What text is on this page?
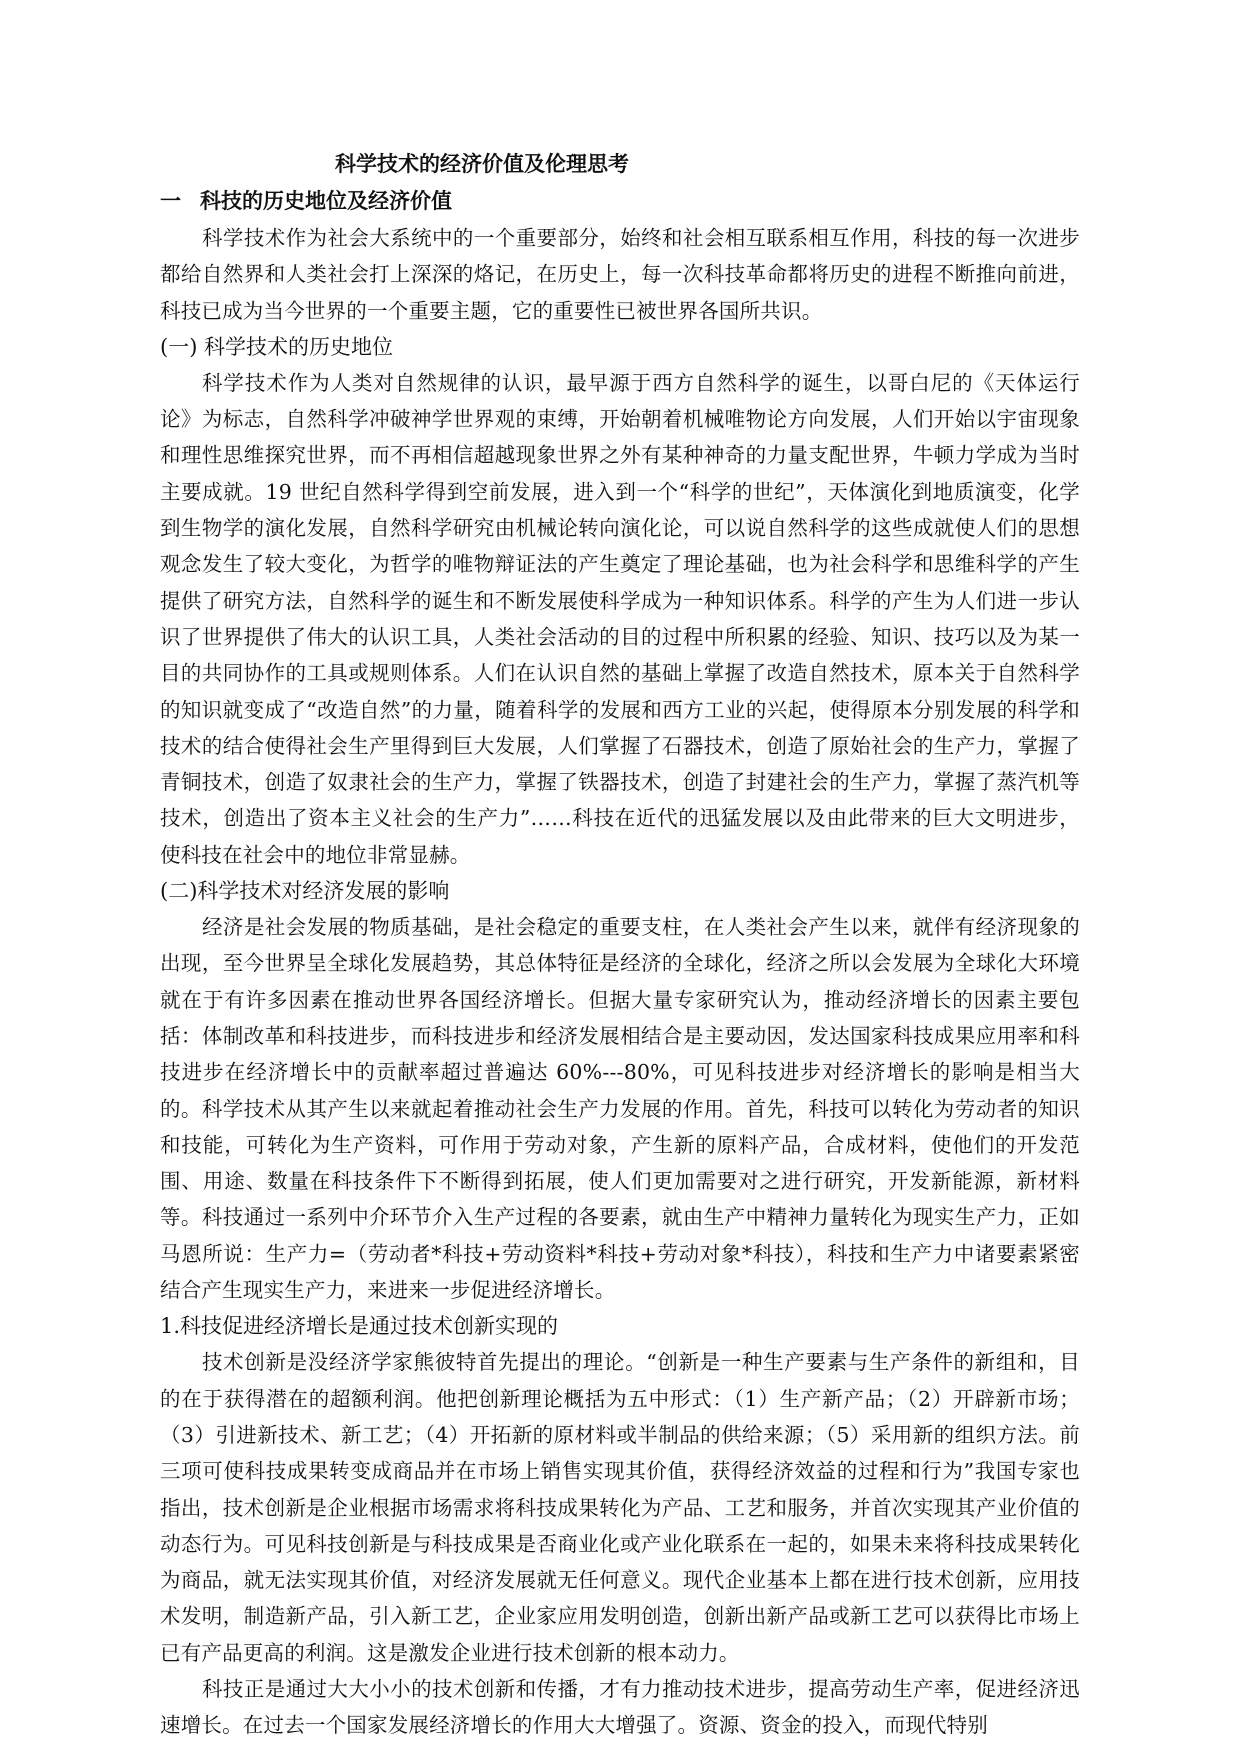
科学技术的经济价值及伦理思考

一 科技的历史地位及经济价值

科学技术作为社会大系统中的一个重要部分，始终和社会相互联系相互作用，科技的每一次进步都给自然界和人类社会打上深深的烙记，在历史上，每一次科技革命都将历史的进程不断推向前进，科技已成为当今世界的一个重要主题，它的重要性已被世界各国所共识。

(一) 科学技术的历史地位

科学技术作为人类对自然规律的认识，最早源于西方自然科学的诞生，以哥白尼的《天体运行论》为标志，自然科学冲破神学世界观的束缚，开始朝着机械唯物论方向发展，人们开始以宇宙现象和理性思维探究世界，而不再相信超越现象世界之外有某种神奇的力量支配世界，牛顿力学成为当时主要成就。19 世纪自然科学得到空前发展，进入到一个“科学的世纪”，天体演化到地质演变，化学到生物学的演化发展，自然科学研究由机械论转向演化论，可以说自然科学的这些成就使人们的思想观念发生了较大变化，为哲学的唯物辩证法的产生奠定了理论基础，也为社会科学和思维科学的产生提供了研究方法，自然科学的诞生和不断发展使科学成为一种知识体系。科学的产生为人们进一步认识了世界提供了伟大的认识工具，人类社会活动的目的过程中所积累的经验、知识、技巧以及为某一目的共同协作的工具或规则体系。人们在认识自然的基础上掌握了改造自然技术，原本关于自然科学的知识就变成了“改造自然”的力量，随着科学的发展和西方工业的兴起，使得原本分别发展的科学和技术的结合使得社会生产里得到巨大发展，人们掌握了石器技术，创造了原始社会的生产力，掌握了青铜技术，创造了奴隶社会的生产力，掌握了铁器技术，创造了封建社会的生产力，掌握了蒸汽机等技术，创造出了资本主义社会的生产力”……科技在近代的迅猛发展以及由此带来的巨大文明进步，使科技在社会中的地位非常显赫。

(二)科学技术对经济发展的影响

经济是社会发展的物质基础，是社会稳定的重要支柱，在人类社会产生以来，就伴有经济现象的出现，至今世界呈全球化发展趋势，其总体特征是经济的全球化，经济之所以会发展为全球化大环境就在于有许多因素在推动世界各国经济增长。但据大量专家研究认为，推动经济增长的因素主要包括：体制改革和科技进步，而科技进步和经济发展相结合是主要动因，发达国家科技成果应用率和科技进步在经济增长中的贡献率超过普遍达 60%---80%，可见科技进步对经济增长的影响是相当大的。科学技术从其产生以来就起着推动社会生产力发展的作用。首先，科技可以转化为劳动者的知识和技能，可转化为生产资料，可作用于劳动对象，产生新的原料产品，合成材料，使他们的开发范围、用途、数量在科技条件下不断得到拓展，使人们更加需要对之进行研究，开发新能源，新材料等。科技通过一系列中介环节介入生产过程的各要素，就由生产中精神力量转化为现实生产力，正如马恩所说：生产力=（劳动者*科技+劳动资料*科技+劳动对象*科技），科技和生产力中诸要素紧密结合产生现实生产力，来进来一步促进经济增长。

1.科技促进经济增长是通过技术创新实现的

技术创新是没经济学家熊彼特首先提出的理论。“创新是一种生产要素与生产条件的新组和，目的在于获得潜在的超额利润。他把创新理论概括为五中形式：（1）生产新产品；（2）开辟新市场；（3）引进新技术、新工艺；（4）开拓新的原材料或半制品的供给来源；（5）采用新的组织方法。前三项可使科技成果转变成商品并在市场上销售实现其价值，获得经济效益的过程和行为”我国专家也指出，技术创新是企业根据市场需求将科技成果转化为产品、工艺和服务，并首次实现其产业价值的动态行为。可见科技创新是与科技成果是否商业化或产业化联系在一起的，如果未来将科技成果转化为商品，就无法实现其价值，对经济发展就无任何意义。现代企业基本上都在进行技术创新，应用技术发明，制造新产品，引入新工艺，企业家应用发明创造，创新出新产品或新工艺可以获得比市场上已有产品更高的利润。这是激发企业进行技术创新的根本动力。

科技正是通过大大小小的技术创新和传播，才有力推动技术进步，提高劳动生产率，促进经济迅速增长。在过去一个国家发展经济增长的作用大大增强了。资源、资金的投入，而现代特别
